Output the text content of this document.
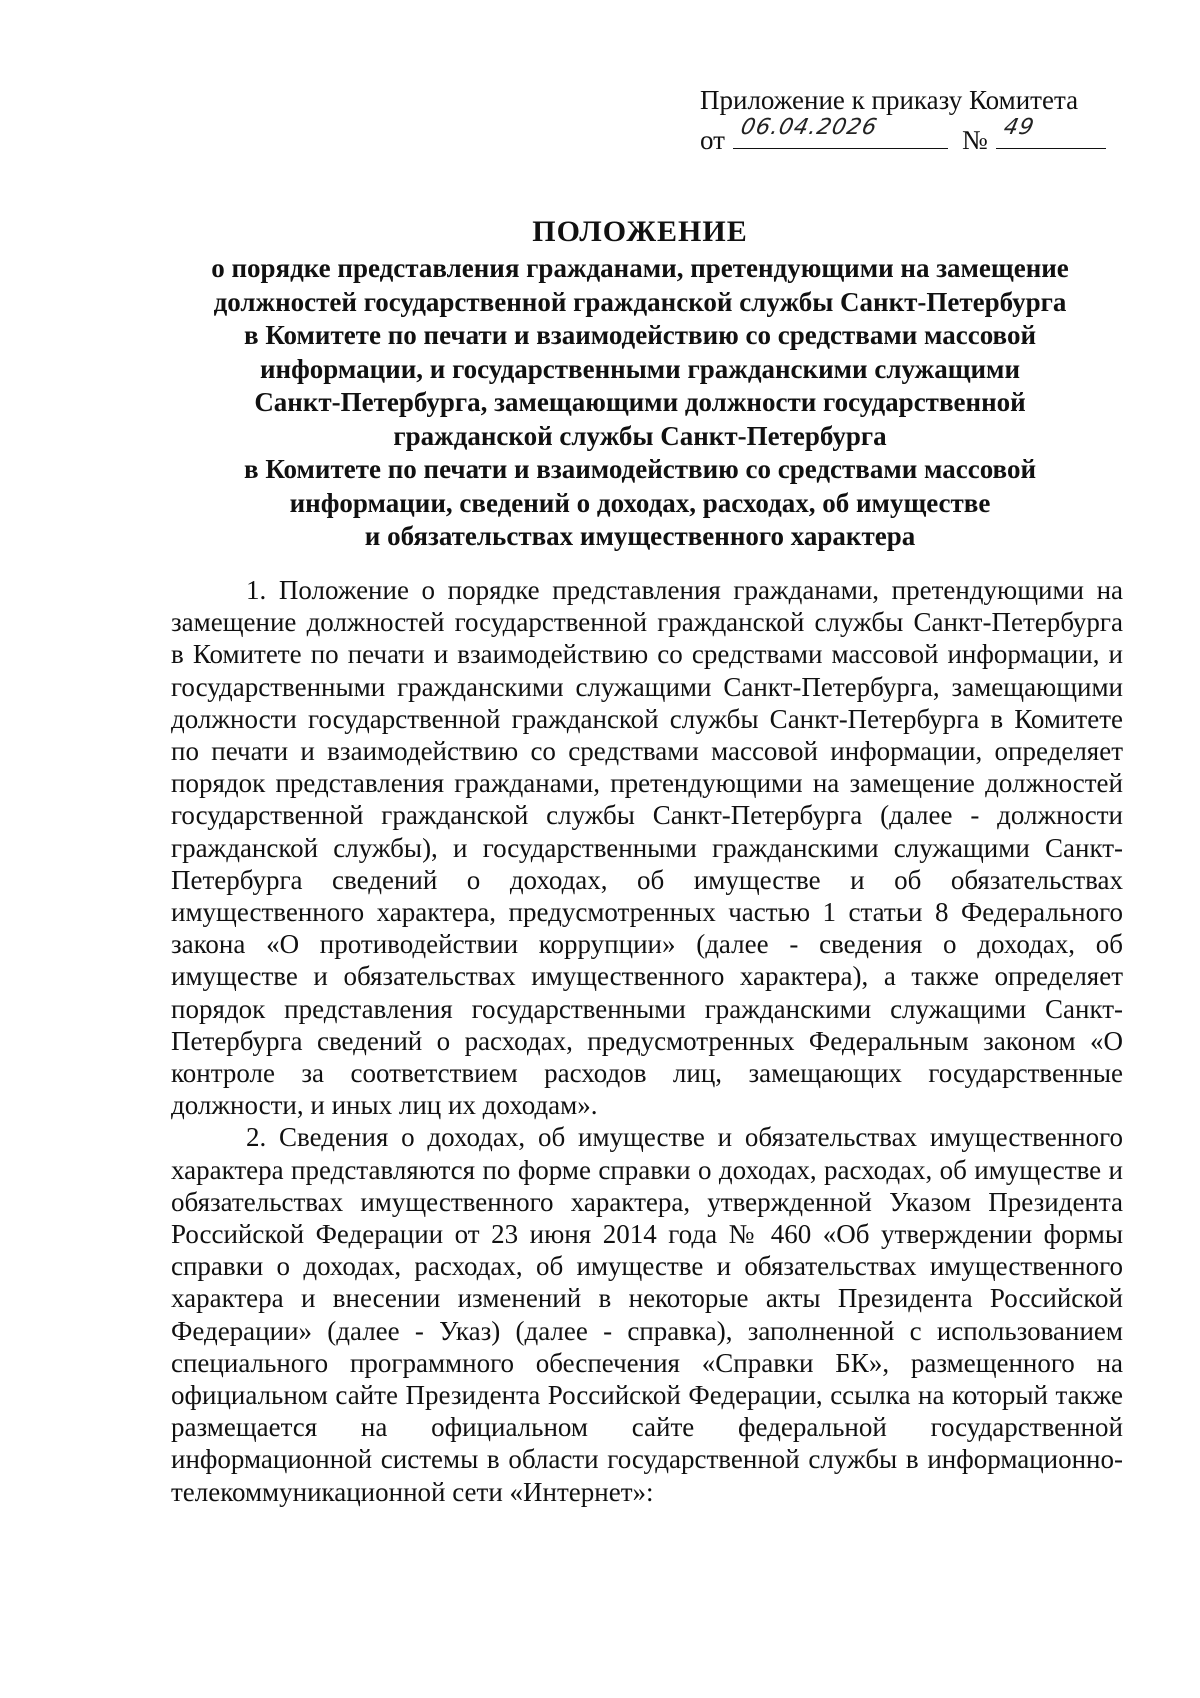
Приложение к приказу Комитета
от 06.04.2026	№ 49
ПОЛОЖЕНИЕ
о порядке представления гражданами, претендующими на замещение
должностей государственной гражданской службы Санкт-Петербурга
в Комитете по печати и взаимодействию со средствами массовой
информации, и государственными гражданскими служащими
Санкт-Петербурга, замещающими должности государственной
гражданской службы Санкт-Петербурга
в Комитете по печати и взаимодействию со средствами массовой
информации, сведений о доходах, расходах, об имуществе
и обязательствах имущественного характера

1. Положение о порядке представления гражданами, претендующими на замещение должностей государственной гражданской службы Санкт-Петербурга в Комитете по печати и взаимодействию со средствами массовой информации, и государственными гражданскими служащими Санкт-Петербурга, замещающими должности государственной гражданской службы Санкт-Петербурга в Комитете по печати и взаимодействию со средствами массовой информации, определяет порядок представления гражданами, претендующими на замещение должностей государственной гражданской службы Санкт-Петербурга (далее - должности гражданской службы), и государственными гражданскими служащими Санкт-Петербурга сведений о доходах, об имуществе и об обязательствах имущественного характера, предусмотренных частью 1 статьи 8 Федерального закона «О противодействии коррупции» (далее - сведения о доходах, об имуществе и обязательствах имущественного характера), а также определяет порядок представления государственными гражданскими служащими Санкт-Петербурга сведений о расходах, предусмотренных Федеральным законом «О контроле за соответствием расходов лиц, замещающих государственные должности, и иных лиц их доходам».

2. Сведения о доходах, об имуществе и обязательствах имущественного характера представляются по форме справки о доходах, расходах, об имуществе и обязательствах имущественного характера, утвержденной Указом Президента Российской Федерации от 23 июня 2014 года № 460 «Об утверждении формы справки о доходах, расходах, об имуществе и обязательствах имущественного характера и внесении изменений в некоторые акты Президента Российской Федерации» (далее - Указ) (далее - справка), заполненной с использованием специального программного обеспечения «Справки БК», размещенного на официальном сайте Президента Российской Федерации, ссылка на который также размещается на официальном сайте федеральной государственной информационной системы в области государственной службы в информационно-телекоммуникационной сети «Интернет»:
